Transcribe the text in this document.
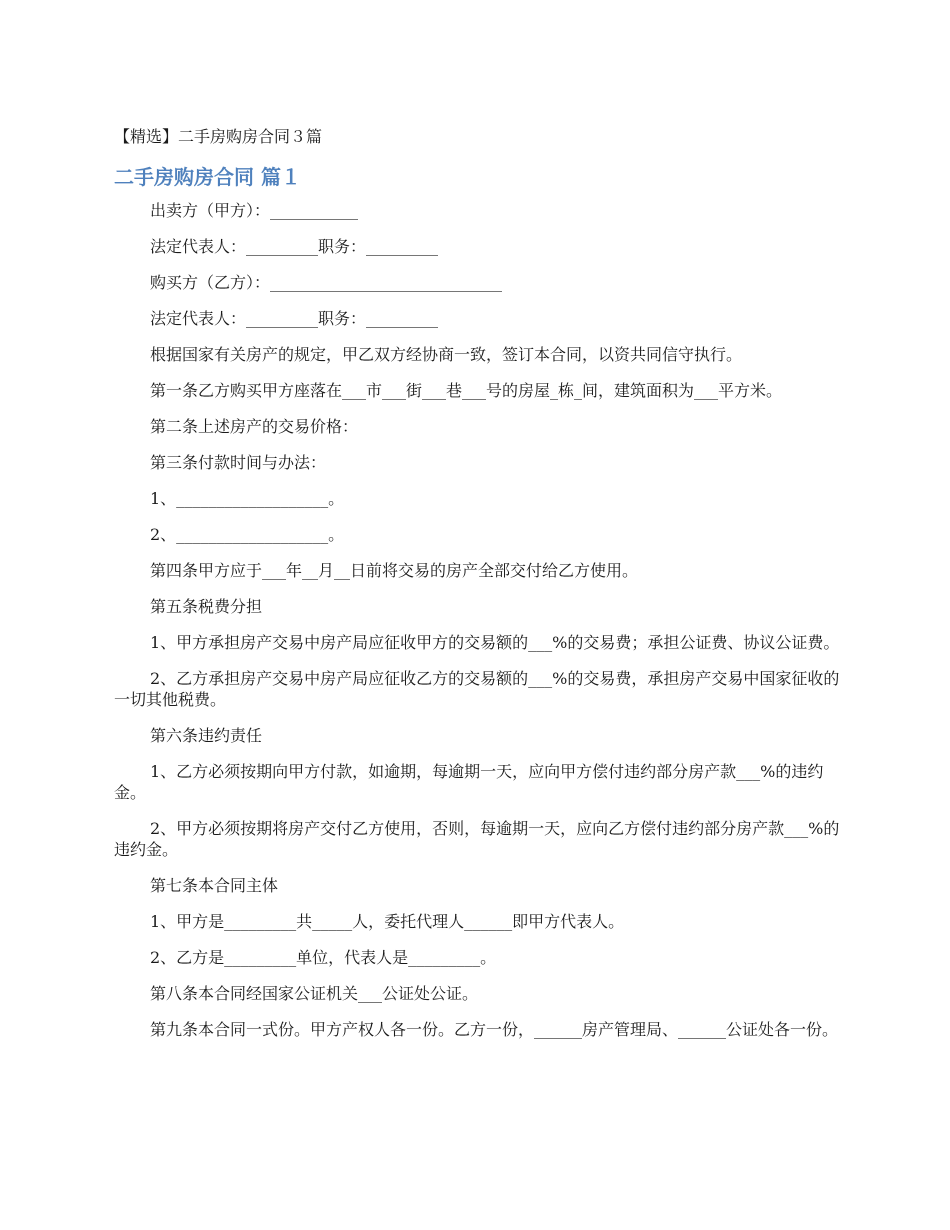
【精选】二手房购房合同３篇
二手房购房合同 篇１

出卖方（甲方）：___________

法定代表人：_________职务：_________

购买方（乙方）：_____________________________

法定代表人：_________职务：_________

根据国家有关房产的规定，甲乙双方经协商一致，签订本合同，以资共同信守执行。

第一条乙方购买甲方座落在___市___街___巷___号的房屋_栋_间，建筑面积为___平方米。

第二条上述房产的交易价格：

第三条付款时间与办法：

1、___________________。

2、___________________。

第四条甲方应于___年__月__日前将交易的房产全部交付给乙方使用。

第五条税费分担

1、甲方承担房产交易中房产局应征收甲方的交易额的___%的交易费；承担公证费、协议公证费。

2、乙方承担房产交易中房产局应征收乙方的交易额的___%的交易费，承担房产交易中国家征收的一切其他税费。

第六条违约责任

1、乙方必须按期向甲方付款，如逾期，每逾期一天，应向甲方偿付违约部分房产款___%的违约金。

2、甲方必须按期将房产交付乙方使用，否则，每逾期一天，应向乙方偿付违约部分房产款___%的违约金。

第七条本合同主体

1、甲方是_________共_____人，委托代理人______即甲方代表人。

2、乙方是_________单位，代表人是_________。

第八条本合同经国家公证机关___公证处公证。

第九条本合同一式份。甲方产权人各一份。乙方一份，______房产管理局、______公证处各一份。
